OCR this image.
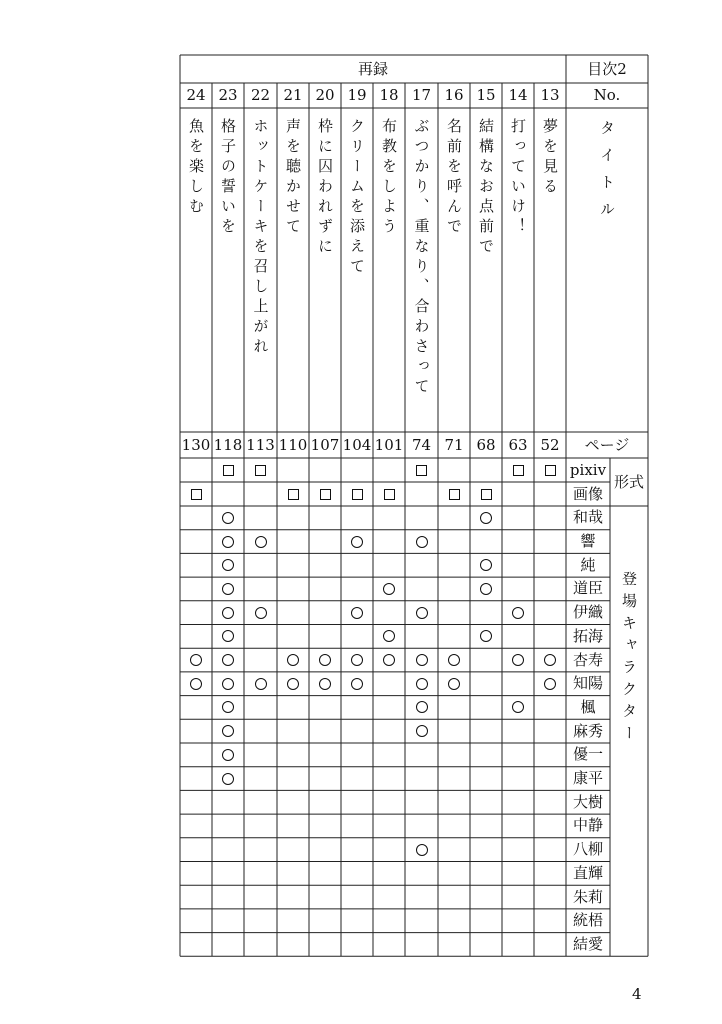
再録	目次2
No.
タイトル
ページ
pixiv
画像
形式
登場キャラクター
24
魚を楽しむ
130
23
格子の誓いを
118
22
ホットケーキを召し上がれ
113
21
声を聴かせて
110
20
枠に囚われずに
107
19
クリームを添えて
104
18
布教をしよう
101
17
ぶつかり、重なり、合わさって
74
16
名前を呼んで
71
15
結構なお点前で
68
14
打っていけ！
63
13
夢を見る
52
和哉
響
純
道臣
伊織
拓海
杏寿
知陽
楓
麻秀
優一
康平
大樹
中静
八柳
直輝
朱莉
統梧
結愛
4
